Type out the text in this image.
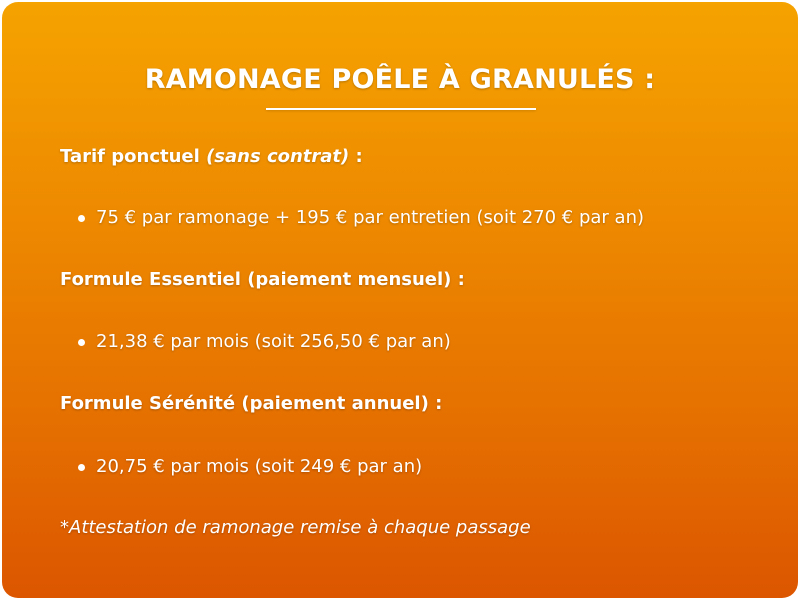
RAMONAGE POÊLE À GRANULÉS :

Tarif ponctuel (sans contrat) :

75 € par ramonage + 195 € par entretien (soit 270 € par an)

Formule Essentiel (paiement mensuel) :

21,38 € par mois (soit 256,50 € par an)

Formule Sérénité (paiement annuel) :

20,75 € par mois (soit 249 € par an)

*Attestation de ramonage remise à chaque passage
